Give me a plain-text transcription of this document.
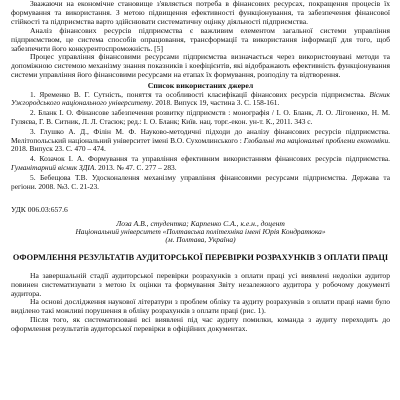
Зважаючи на економічне становище з'являється потреба в фінансових ресурсах, покращення процесів їх формування та використання. З метою підвищення ефективності функціонування, та забезпечення фінансової стійкості та підприємства варто здійснювати систематичну оцінку діяльності підприємства.

Аналіз фінансових ресурсів підприємства є важливим елементом загальної системи управління підприємством, це система способів опрацювання, трансформації та використання інформації для того, щоб забезпечити його конкурентоспроможність. [5]

Процес управління фінансовими ресурсами підприємства визначається через використовувані методи та допоміжною системою механізму знання показників і коефіцієнтів, які відображають ефективність функціонування системи управління його фінансовими ресурсами на етапах їх формування, розподілу та відтворення.

Список використаних джерел

1. Яременко В. Г. Сутність, поняття та особливості класифікації фінансових ресурсів підприємства. Вісник Ужгородського національного університету. 2018. Випуск 19, частина 3. С. 158-161.

2. Бланк І. О. Фінансове забезпечення розвитку підприємств : монографія / І. О. Бланк, Л. О. Лігоненко, Н. М. Гуляєва, Г. В. Ситник, Л. Л. Стасюк; ред.: І. О. Бланк; Київ. нац. торг.-екон. ун-т. К., 2011. 343 с.

3. Глушко А. Д., Філін М. Ф. Науково-методичні підходи до аналізу фінансових ресурсів підприємства. Мелітопольський національний університет імені В.О. Сухомлинського : Глобальні та національні проблеми економіки. 2018. Випуск 23. С. 470 – 474.

4. Козачок І. А. Формування та управління ефективним використанням фінансових ресурсів підприємства. Гуманітарний вісник ЗДІА. 2013. № 47. С. 277 – 283.

5. Бебещова Т.В. Удосконалення механізму управління фінансовими ресурсами підприємства. Держава та регіони. 2008. №3. С. 21-23.

УДК 006.03:657.6

Лоза А.В., студентка; Карпенко С.А., к.е.н., доцент

Національний університет «Полтавська політехніка імені Юрія Кондратюка»

(м. Полтава, Україна)

ОФОРМЛЕННЯ РЕЗУЛЬТАТІВ АУДИТОРСЬКОЇ ПЕРЕВІРКИ РОЗРАХУНКІВ З ОПЛАТИ ПРАЦІ

На завершальній стадії аудиторської перевірки розрахунків з оплати праці усі виявлені недоліки аудитор повинен систематизувати з метою їх оцінки та формування Звіту незалежного аудитора у робочому документі аудитора.

На основі дослідження наукової літератури з проблем обліку та аудиту розрахунків з оплати праці нами було виділено такі можливі порушення в обліку розрахунків з оплати праці (рис. 1).

Після того, як систематизовані всі виявлені під час аудиту помилки, команда з аудиту переходить до оформлення результатів аудиторської перевірки в офіційних документах.
